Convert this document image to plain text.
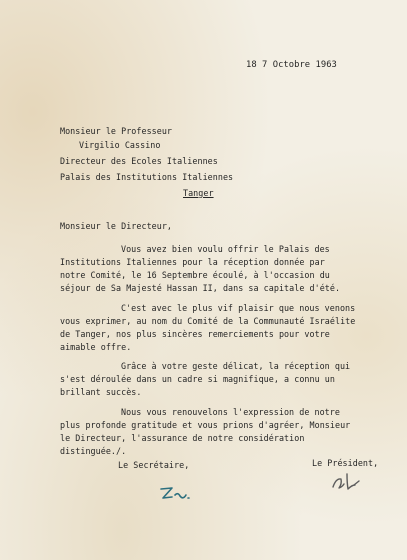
18 7 Octobre 1963
Monsieur le Professeur
Virgilio Cassino
Directeur des Ecoles Italiennes
Palais des Institutions Italiennes
Tanger
Monsieur le Directeur,
Vous avez bien voulu offrir le Palais des
Institutions Italiennes pour la réception donnée par
notre Comité, le 16 Septembre écoulé, à l'occasion du
séjour de Sa Majesté Hassan II, dans sa capitale d'été.
C'est avec le plus vif plaisir que nous venons
vous exprimer, au nom du Comité de la Communauté Israélite
de Tanger, nos plus sincères remerciements pour votre
aimable offre.
Grâce à votre geste délicat, la réception qui
s'est déroulée dans un cadre si magnifique, a connu un
brillant succès.
Nous vous renouvelons l'expression de notre
plus profonde gratitude et vous prions d'agréer, Monsieur
le Directeur, l'assurance de notre considération
distinguée./.
Le Secrétaire,	Le Président,
